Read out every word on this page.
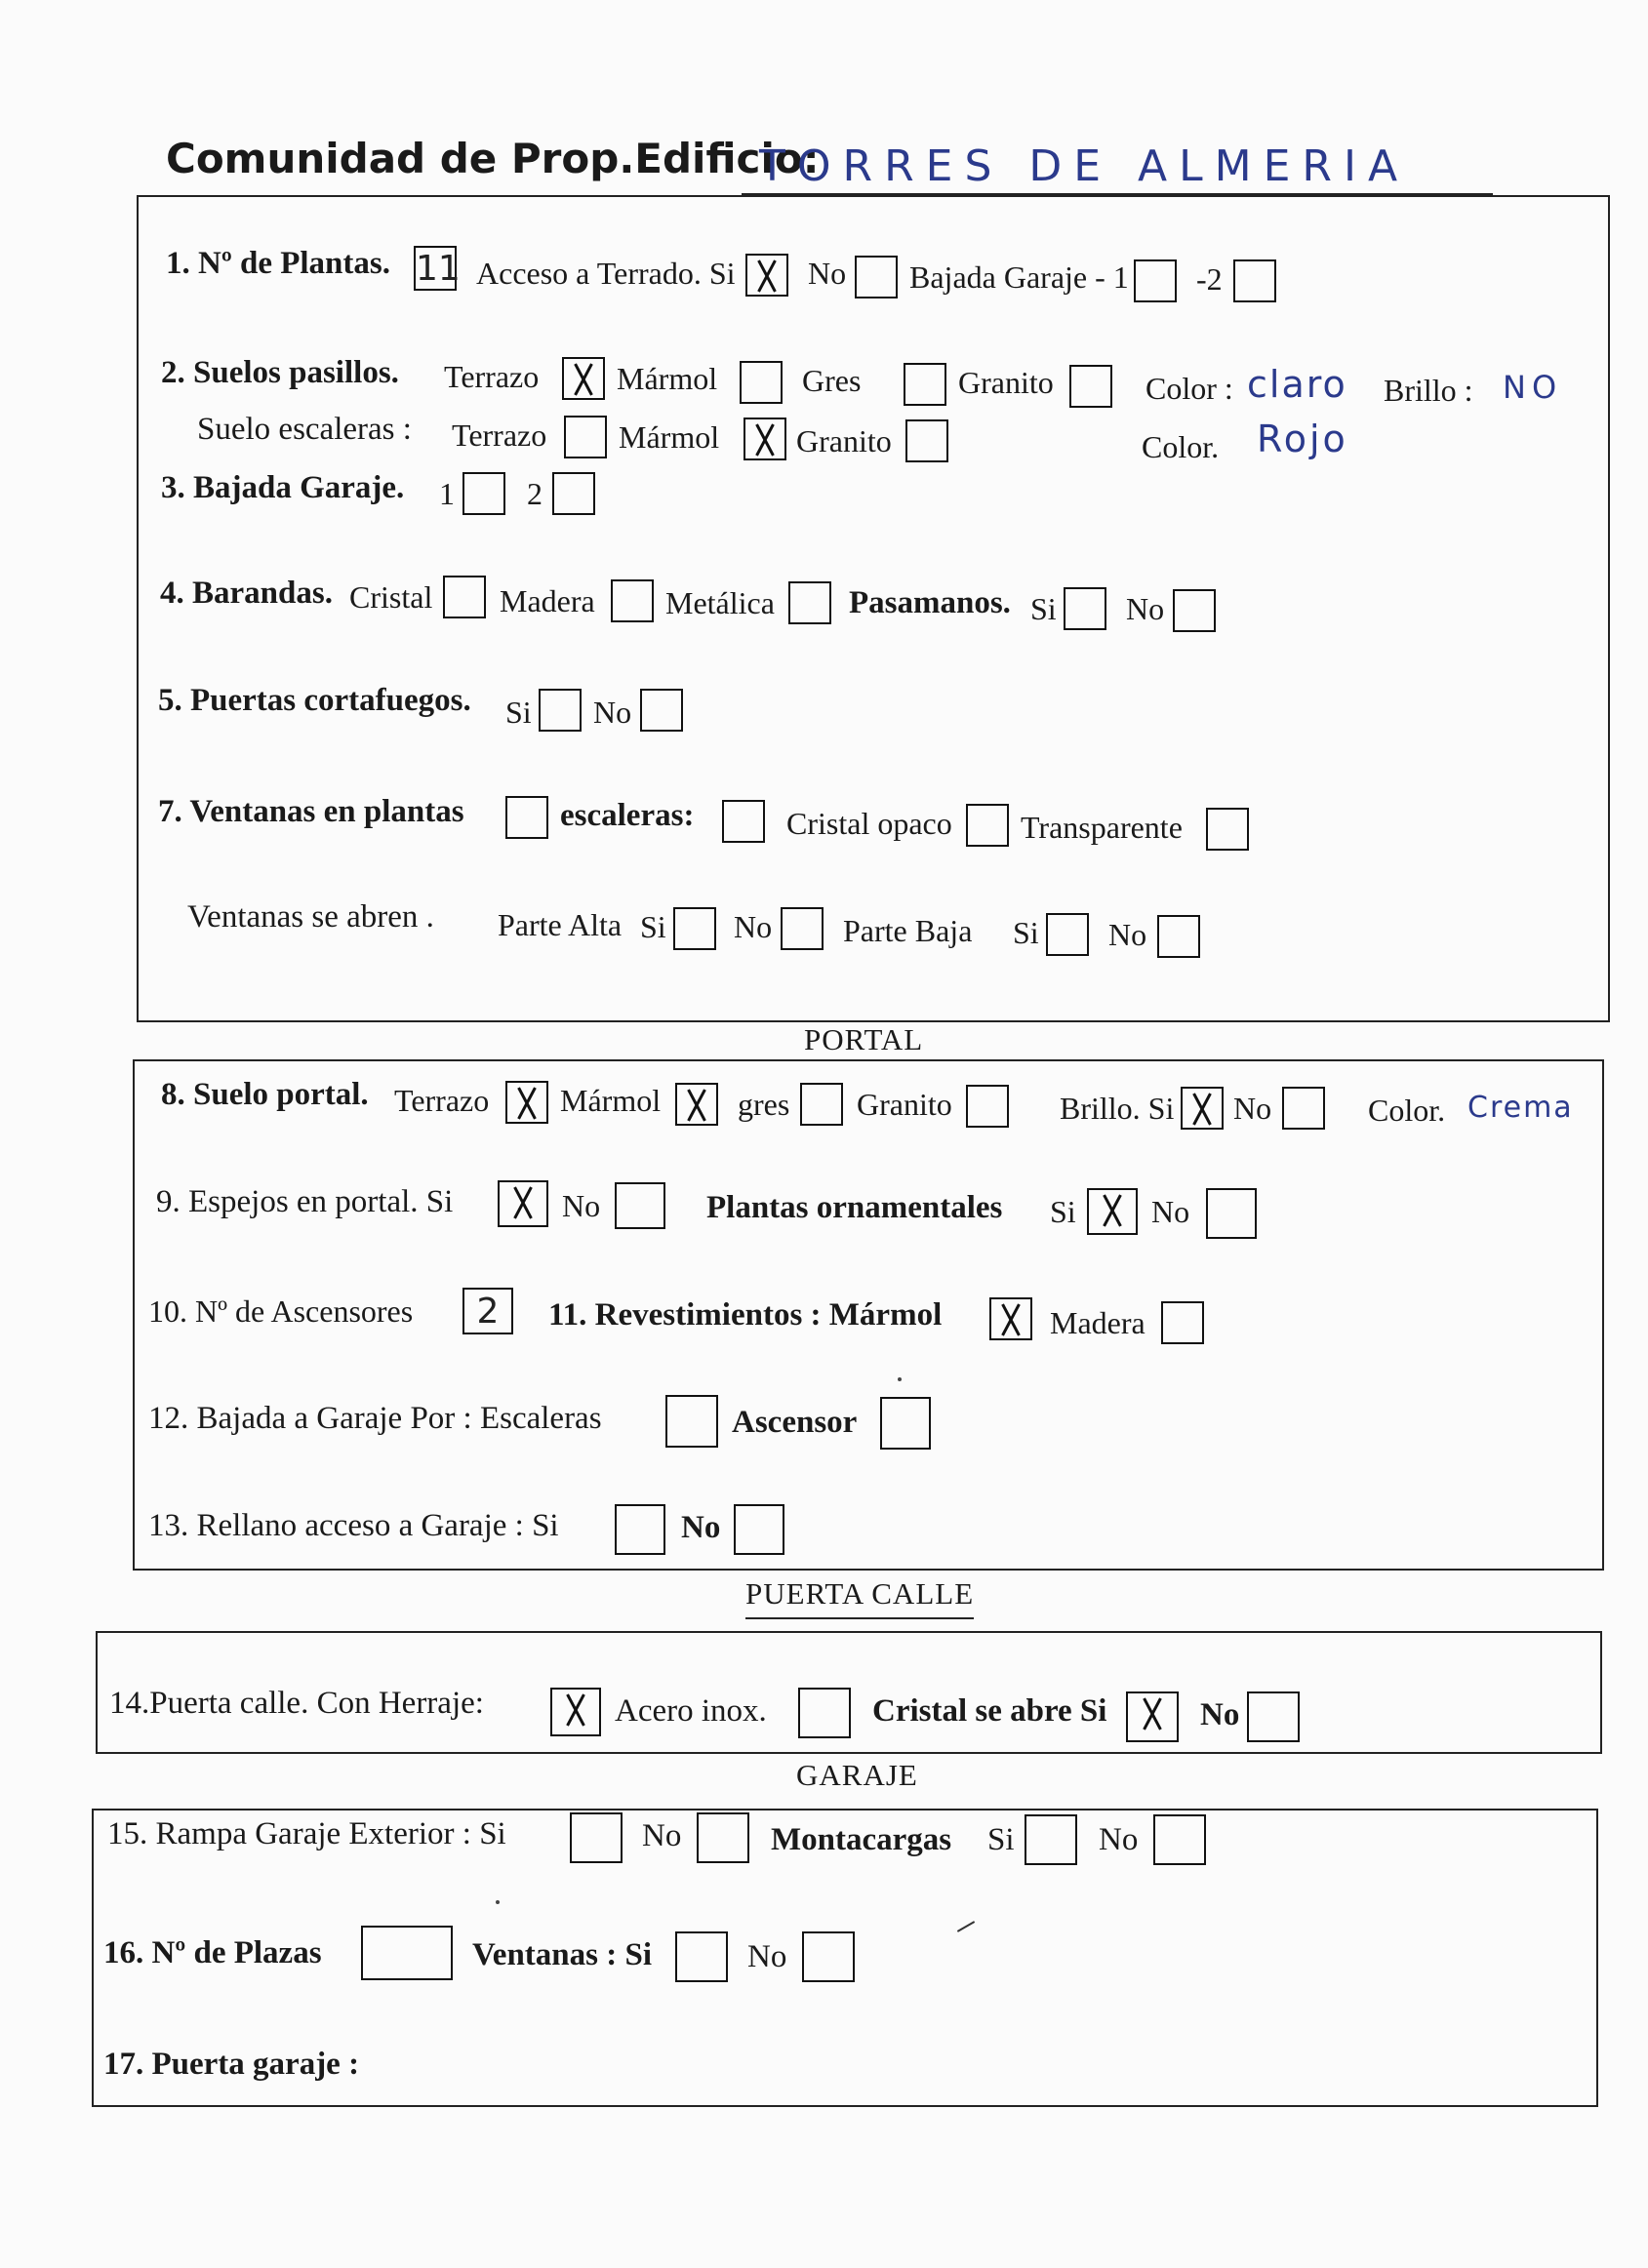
Comunidad de Prop.Edificio:
TORRES DE ALMERIA
1. Nº de Plantas. 11 Acceso a Terrado. Si No Bajada Garaje - 1 -2
2. Suelos pasillos. Terrazo Mármol	Gres	Granito	Color : claro Brillo : NO
Suelo escaleras : Terrazo Mármol Granito	Color. Rojo
3. Bajada Garaje. 1 2
4. Barandas. Cristal Madera Metálica Pasamanos. Si No
5. Puertas cortafuegos. Si No
7. Ventanas en plantas	escaleras:	Cristal opaco Transparente
Ventanas se abren . Parte Alta Si No Parte Baja Si No
PORTAL
8. Suelo portal. Terrazo Mármol gres Granito	Brillo. Si No	Color. Crema
9. Espejos en portal. Si	No	Plantas ornamentales Si No
10. Nº de Ascensores	2	11. Revestimientos : Mármol	Madera
12. Bajada a Garaje Por : Escaleras	Ascensor
13. Rellano acceso a Garaje : Si	No
PUERTA CALLE
14.Puerta calle. Con Herraje:	Acero inox.	Cristal se abre Si	No
GARAJE
15. Rampa Garaje Exterior : Si	No	Montacargas Si	No
16. Nº de Plazas	Ventanas : Si	No
17. Puerta garaje :
